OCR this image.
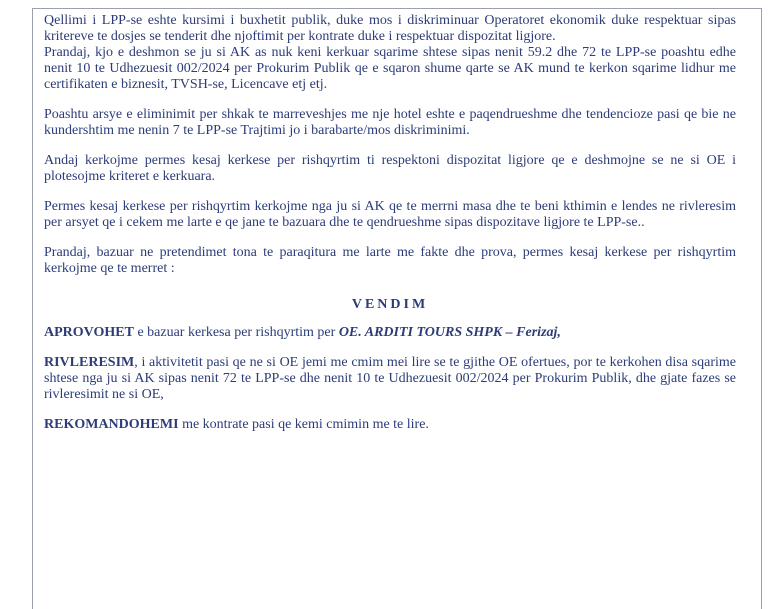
Qellimi i LPP-se eshte kursimi i buxhetit publik, duke mos i diskriminuar Operatoret ekonomik duke respektuar sipas kritereve te dosjes se tenderit dhe njoftimit per kontrate duke i respektuar dispozitat ligjore.

Prandaj, kjo e deshmon se ju si AK as nuk keni kerkuar sqarime shtese sipas nenit 59.2 dhe 72 te LPP-se poashtu edhe nenit 10 te Udhezuesit 002/2024 per Prokurim Publik qe e sqaron shume qarte se AK mund te kerkon sqarime lidhur me certifikaten e biznesit, TVSH-se, Licencave etj etj.

Poashtu arsye e eliminimit per shkak te marreveshjes me nje hotel eshte e paqendrueshme dhe tendencioze pasi qe bie ne kundershtim me nenin 7 te LPP-se Trajtimi jo i barabarte/mos diskriminimi.

Andaj kerkojme permes kesaj kerkese per rishqyrtim ti respektoni dispozitat ligjore qe e deshmojne se ne si OE i plotesojme kriteret e kerkuara.

Permes kesaj kerkese per rishqyrtim kerkojme nga ju si AK qe te merrni masa dhe te beni kthimin e lendes ne rivleresim per arsyet qe i cekem me larte e qe jane te bazuara dhe te qendrueshme sipas dispozitave ligjore te LPP-se..

Prandaj, bazuar ne pretendimet tona te paraqitura me larte me fakte dhe prova, permes kesaj kerkese per rishqyrtim kerkojme qe te merret :

VENDIM

APROVOHET e bazuar kerkesa per rishqyrtim per OE. ARDITI TOURS SHPK – Ferizaj,

RIVLERESIM, i aktivitetit pasi qe ne si OE jemi me cmim mei lire se te gjithe OE ofertues, por te kerkohen disa sqarime shtese nga ju si AK sipas nenit 72 te LPP-se dhe nenit 10 te Udhezuesit 002/2024 per Prokurim Publik, dhe gjate fazes se rivleresimit ne si OE,

REKOMANDOHEMI me kontrate pasi qe kemi cmimin me te lire.
